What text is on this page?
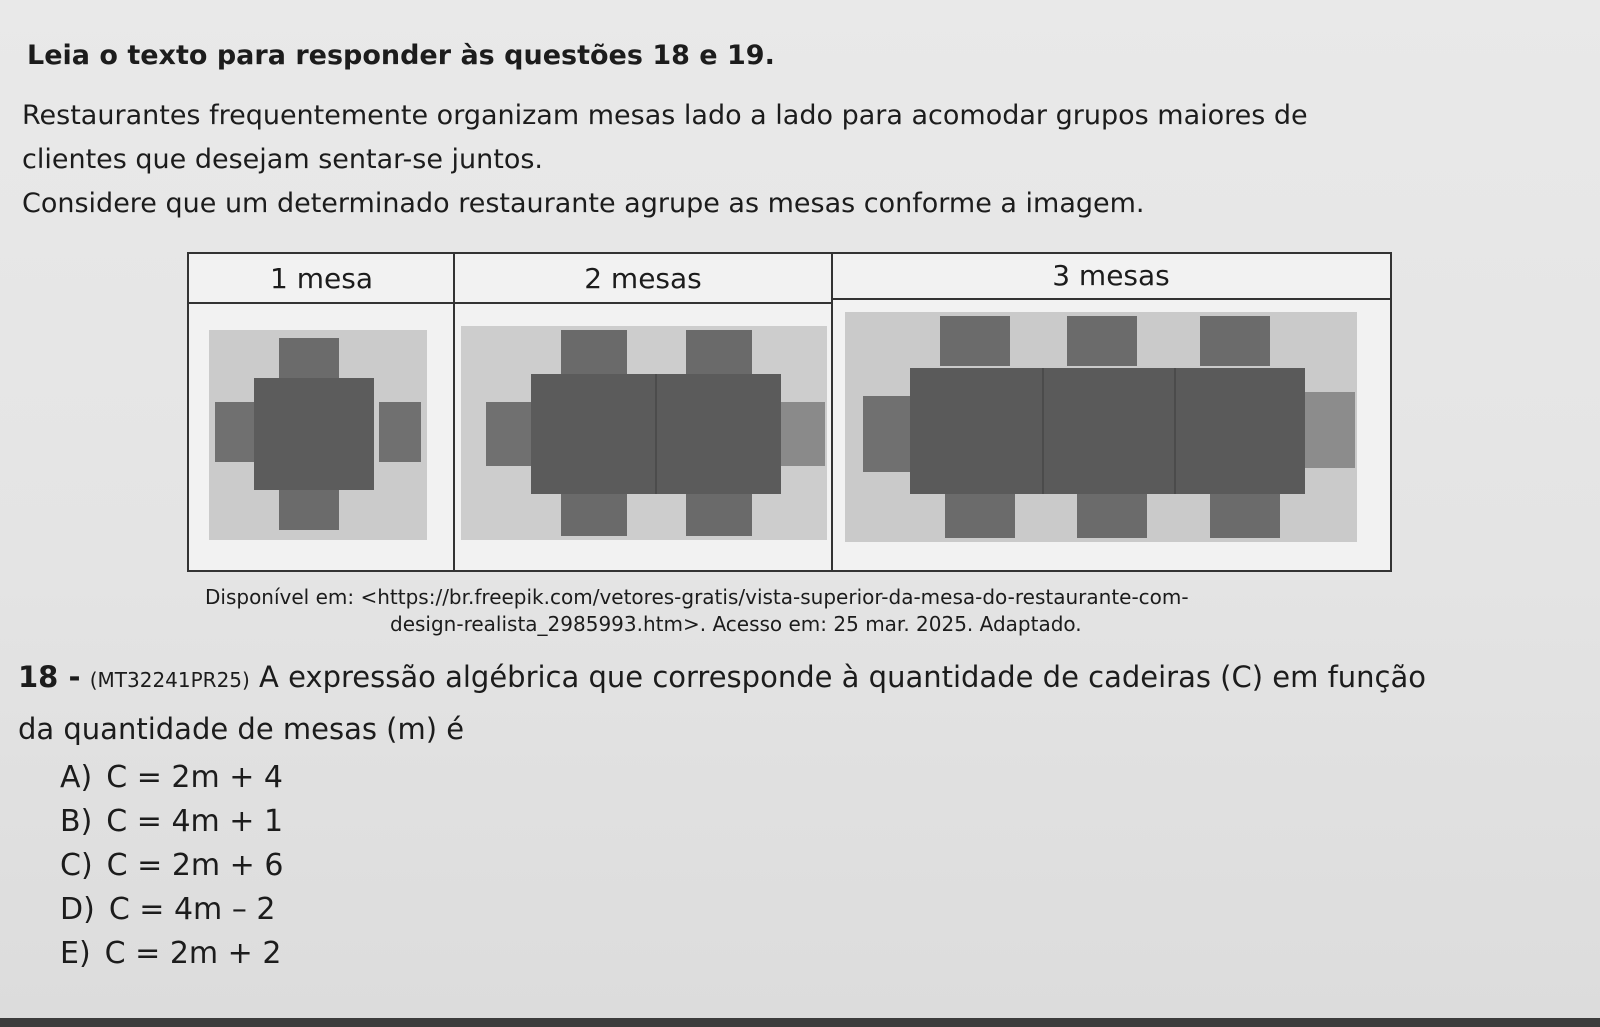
Leia o texto para responder às questões 18 e 19.
Restaurantes frequentemente organizam mesas lado a lado para acomodar grupos maiores de
clientes que desejam sentar-se juntos.
Considere que um determinado restaurante agrupe as mesas conforme a imagem.
1 mesa	2 mesas	3 mesas
Disponível em: <https://br.freepik.com/vetores-gratis/vista-superior-da-mesa-do-restaurante-com-
design-realista_2985993.htm>. Acesso em: 25 mar. 2025. Adaptado.
18 - (MT32241PR25) A expressão algébrica que corresponde à quantidade de cadeiras (C) em função
da quantidade de mesas (m) é
A) C = 2m + 4
B) C = 4m + 1
C) C = 2m + 6
D) C = 4m – 2
E) C = 2m + 2
